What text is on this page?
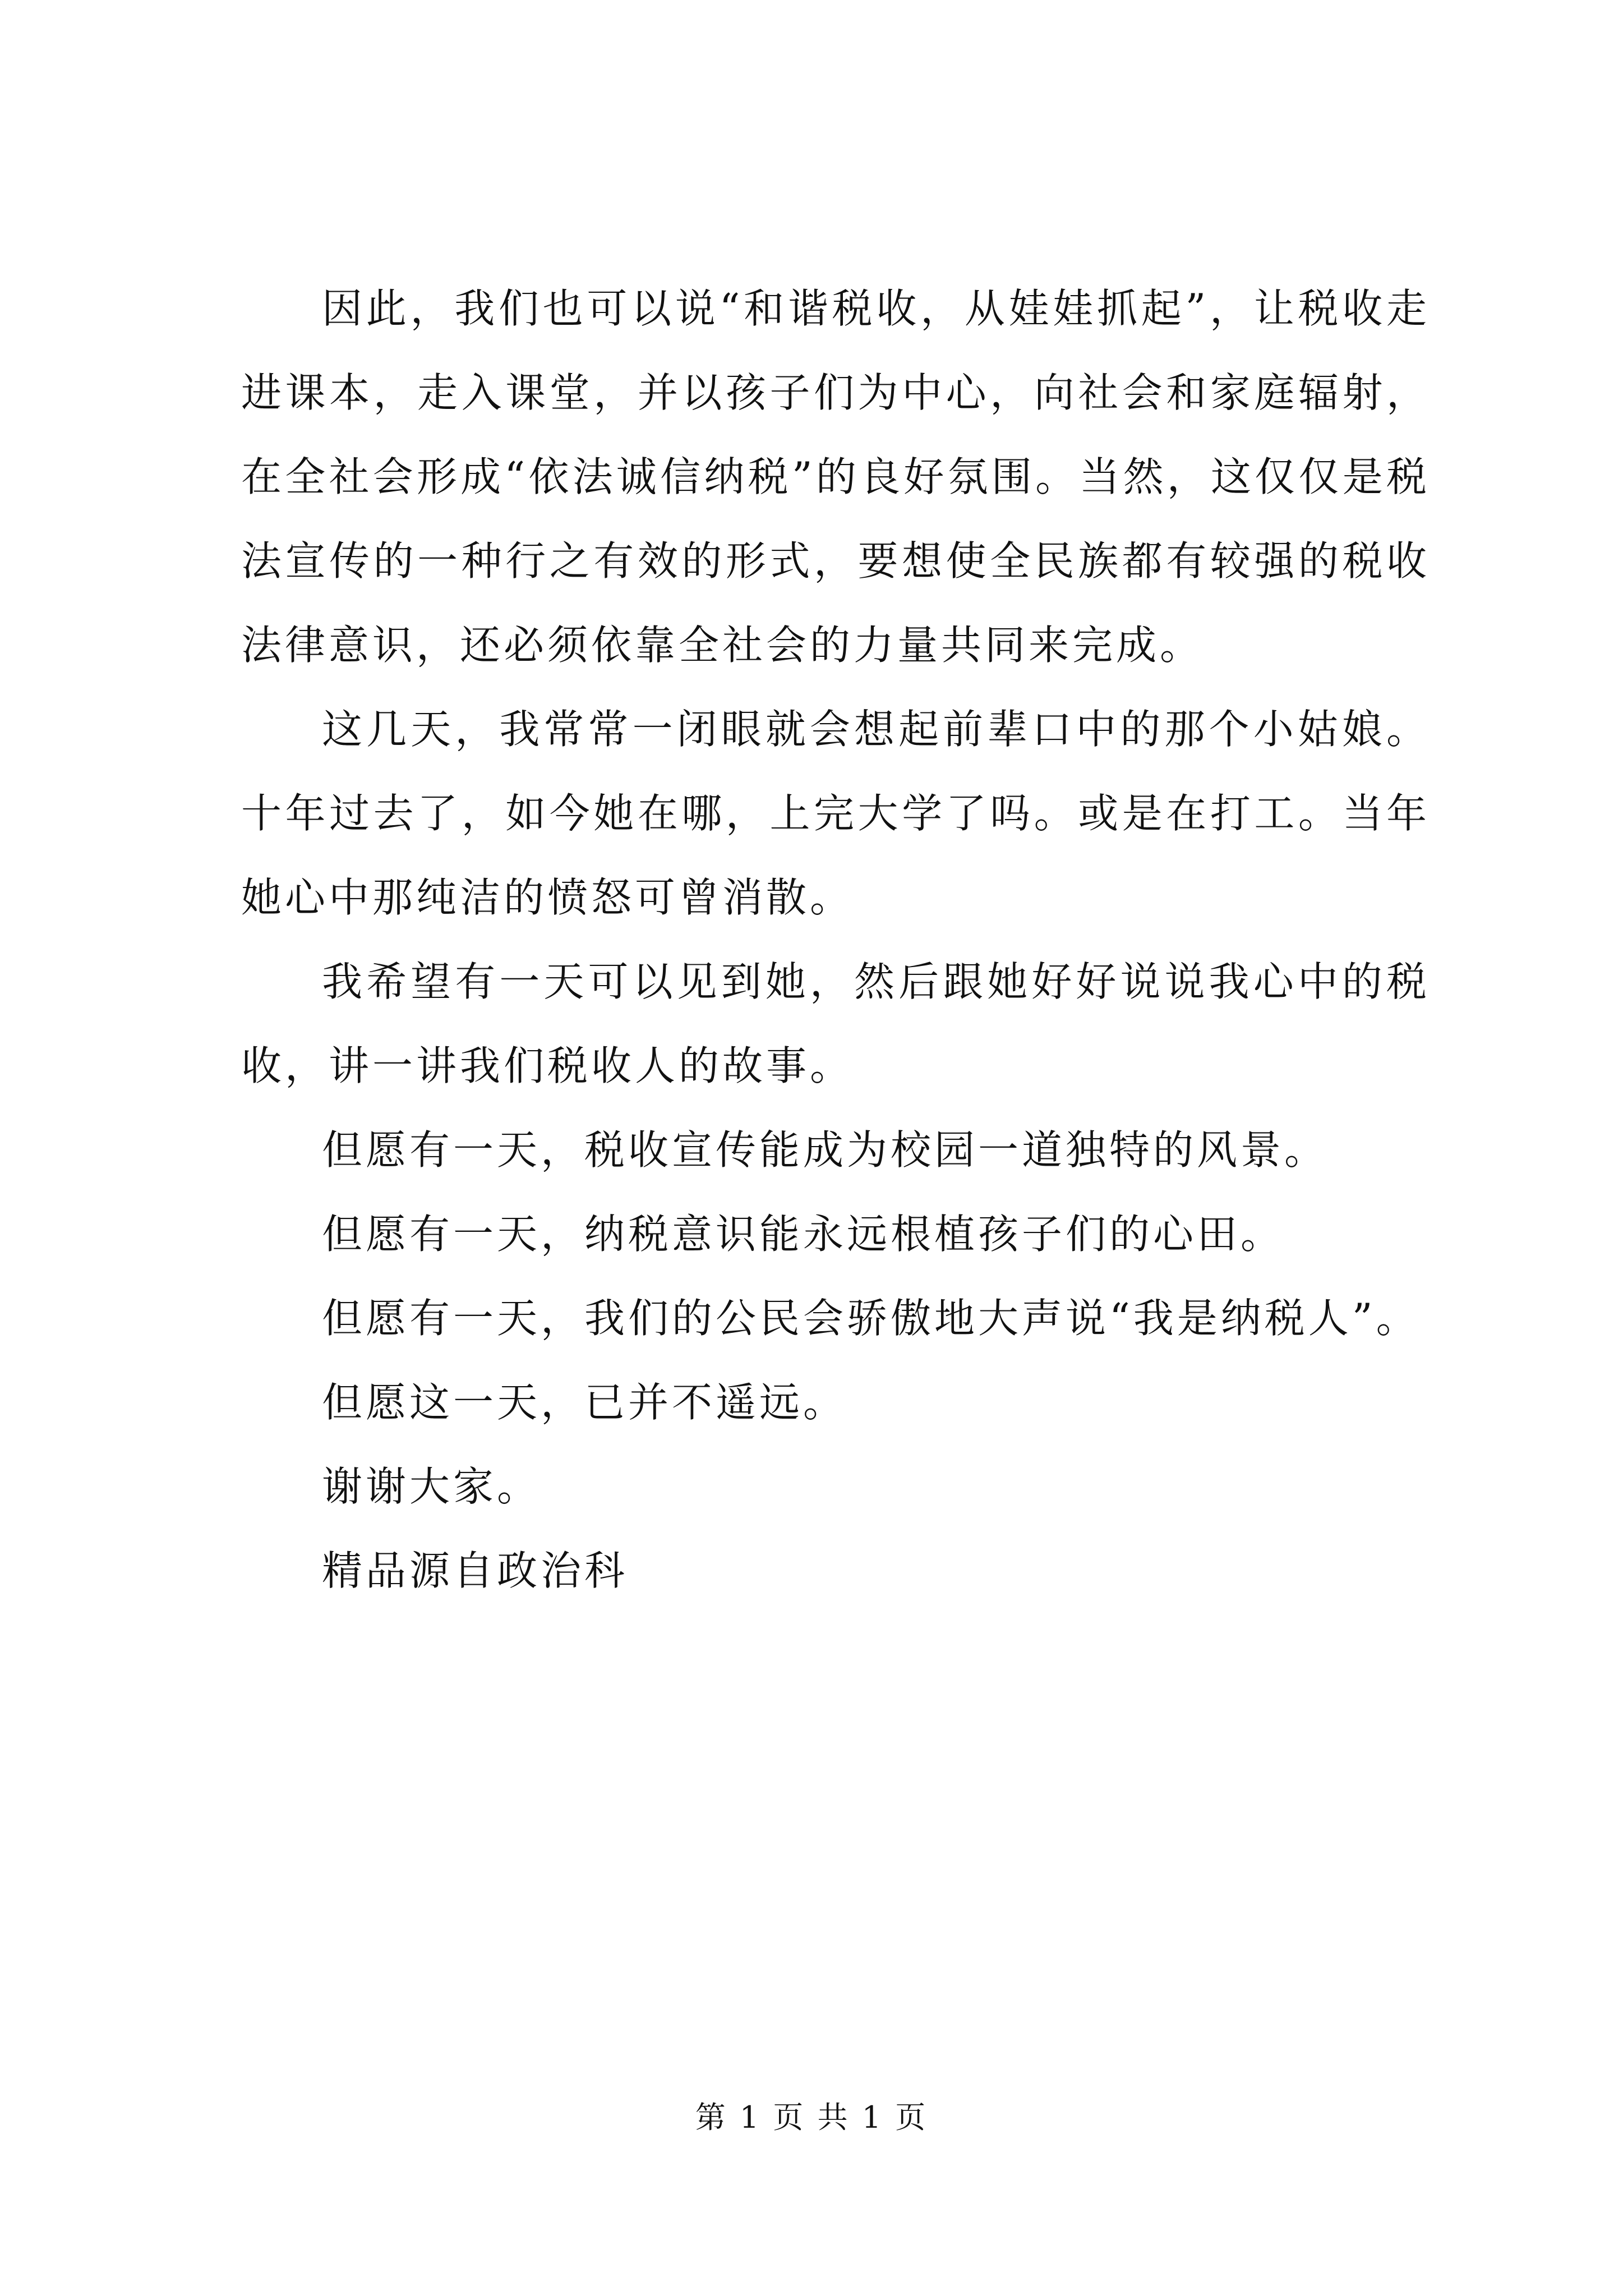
因此，我们也可以说“和谐税收，从娃娃抓起”，让税收走进课本，走入课堂，并以孩子们为中心，向社会和家庭辐射，在全社会形成“依法诚信纳税”的良好氛围。当然，这仅仅是税法宣传的一种行之有效的形式，要想使全民族都有较强的税收法律意识，还必须依靠全社会的力量共同来完成。

这几天，我常常一闭眼就会想起前辈口中的那个小姑娘。十年过去了，如今她在哪，上完大学了吗。或是在打工。当年她心中那纯洁的愤怒可曾消散。

我希望有一天可以见到她，然后跟她好好说说我心中的税收，讲一讲我们税收人的故事。

但愿有一天，税收宣传能成为校园一道独特的风景。

但愿有一天，纳税意识能永远根植孩子们的心田。

但愿有一天，我们的公民会骄傲地大声说“我是纳税人”。

但愿这一天，已并不遥远。

谢谢大家。

精品源自政治科

第 1 页 共 1 页
